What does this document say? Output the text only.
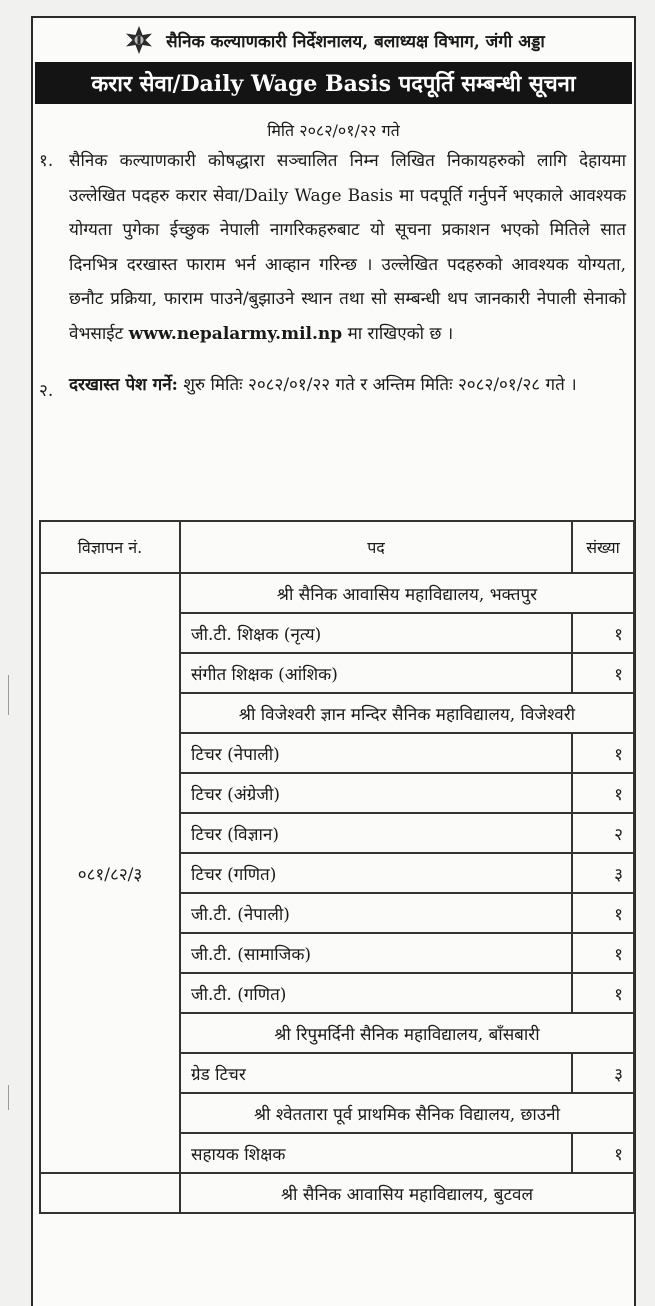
सैनिक कल्याणकारी निर्देशनालय, बलाध्यक्ष विभाग, जंगी अड्डा
करार सेवा/Daily Wage Basis पदपूर्ति सम्बन्धी सूचना
मिति २०८२/०१/२२ गते
१. सैनिक कल्याणकारी कोषद्धारा सञ्चालित निम्न लिखित निकायहरुको लागि देहायमा उल्लेखित पदहरु करार सेवा/Daily Wage Basis मा पदपूर्ति गर्नुपर्ने भएकाले आवश्यक योग्यता पुगेका ईच्छुक नेपाली नागरिकहरुबाट यो सूचना प्रकाशन भएको मितिले सात दिनभित्र दरखास्त फाराम भर्न आव्हान गरिन्छ । उल्लेखित पदहरुको आवश्यक योग्यता, छनौट प्रक्रिया, फाराम पाउने/बुझाउने स्थान तथा सो सम्बन्धी थप जानकारी नेपाली सेनाको वेभसाईट www.nepalarmy.mil.np मा राखिएको छ ।

२. दरखास्त पेश गर्ने: शुरु मितिः २०८२/०१/२२ गते र अन्तिम मितिः २०८२/०१/२८ गते ।

विज्ञापन नं.	पद	संख्या
०८१/८२/३	श्री सैनिक आवासिय महाविद्यालय, भक्तपुर	
	जी.टी. शिक्षक (नृत्य)	१
	संगीत शिक्षक (आंशिक)	१
	श्री विजेश्वरी ज्ञान मन्दिर सैनिक महाविद्यालय, विजेश्वरी	
	टिचर (नेपाली)	१
	टिचर (अंग्रेजी)	१
	टिचर (विज्ञान)	२
	टिचर (गणित)	३
	जी.टी. (नेपाली)	१
	जी.टी. (सामाजिक)	१
	जी.टी. (गणित)	१
	श्री रिपुमर्दिनी सैनिक महाविद्यालय, बाँसबारी	
	ग्रेड टिचर	३
	श्री श्वेततारा पूर्व प्राथमिक सैनिक विद्यालय, छाउनी	
	सहायक शिक्षक	१
	श्री सैनिक आवासिय महाविद्यालय, बुटवल	
